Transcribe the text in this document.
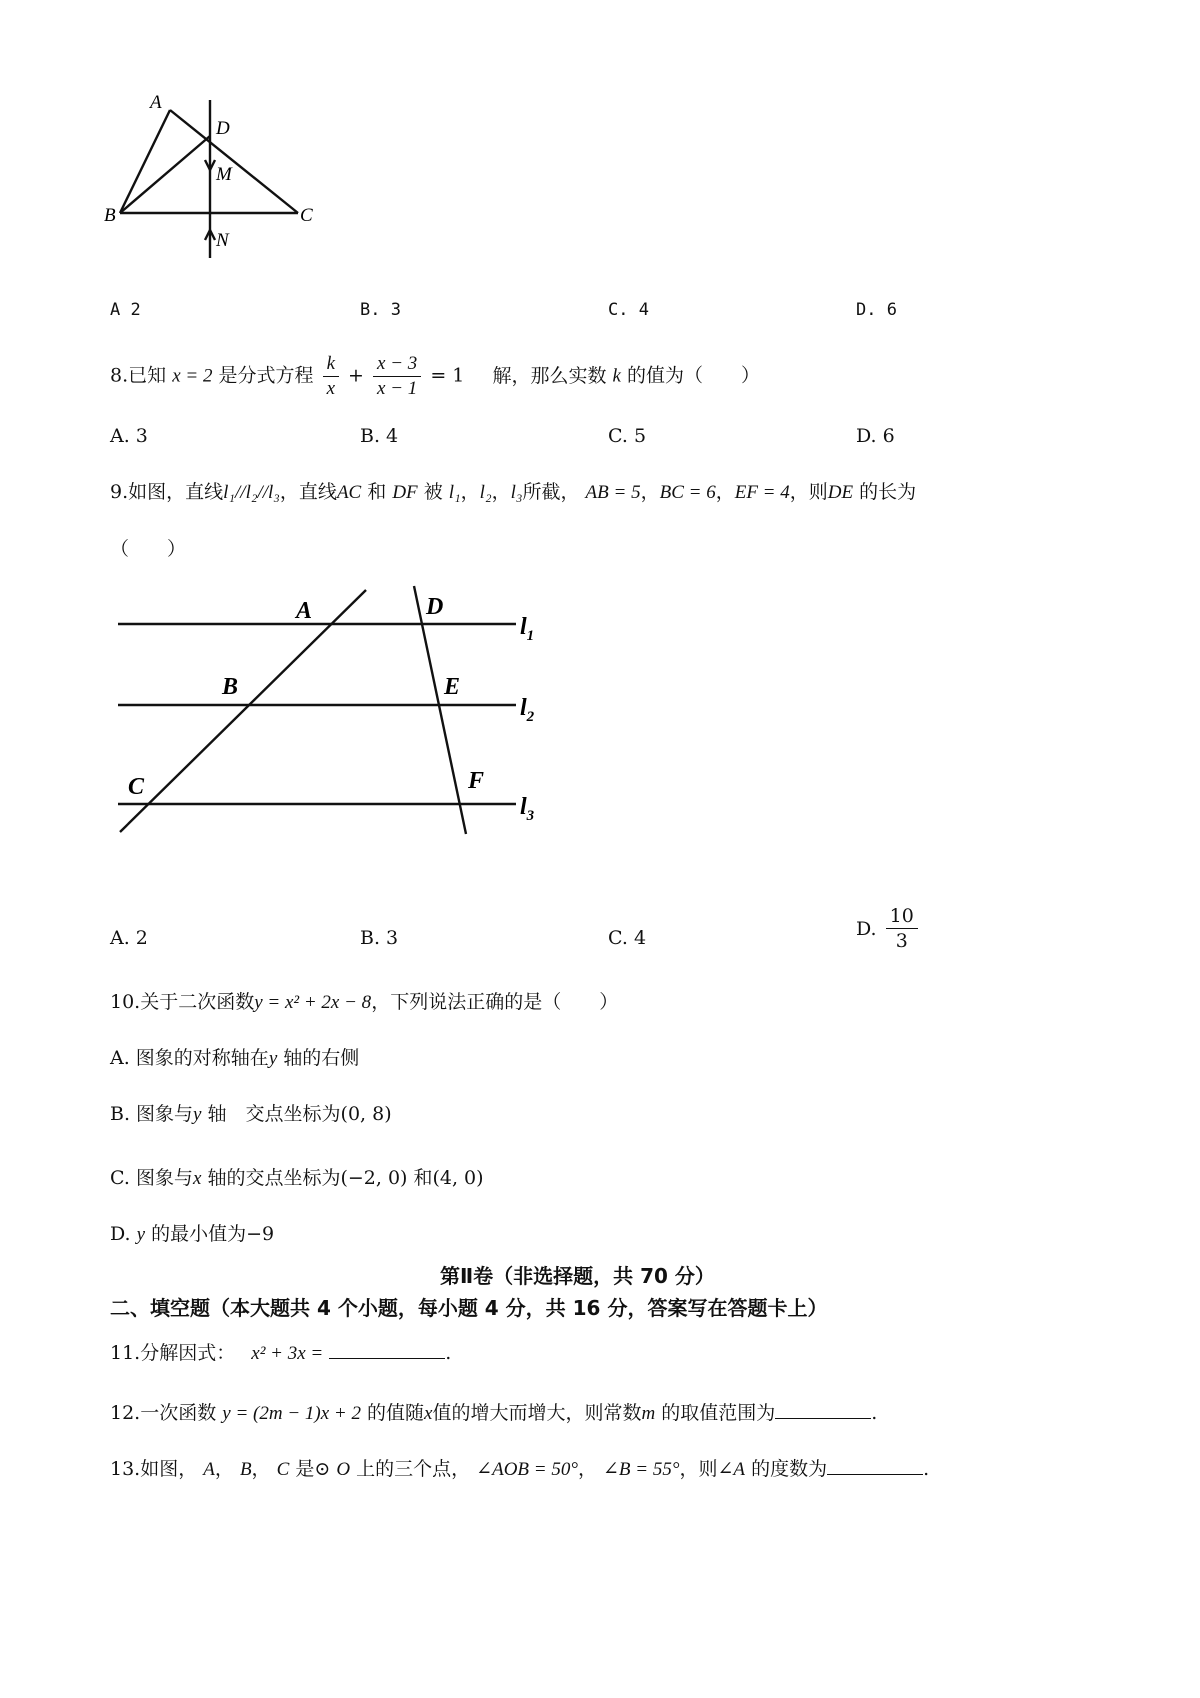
A
B	C
D
M
N
A 2	B. 3	C. 4	D. 6
8.已知 x = 2 是分式方程 $\frac{k}{x} + \frac{x - 3}{x - 1} = 1$ 解，那么实数 k 的值为（　　）
A. 3	B. 4	C. 5	D. 6
9.如图，直线l₁//l₂//l₃，直线AC 和 DF 被 l₁，l₂，l₃所截， AB = 5，BC = 6，EF = 4，则DE 的长为
（　　）
A	D
B	E
C	F
$l_1$
$l_2$
$l_3$
A. 2	B. 3	C. 4	D. $\frac{10}{3}$
10.关于二次函数y = x² + 2x − 8，下列说法正确的是（　　）
A. 图象的对称轴在y 轴的右侧
B. 图象与y 轴　交点坐标为(0, 8)
C. 图象与x 轴的交点坐标为(−2, 0) 和(4, 0)
D. y 的最小值为−9
第Ⅱ卷（非选择题，共 70 分）
二、填空题（本大题共 4 个小题，每小题 4 分，共 16 分，答案写在答题卡上）
11.分解因式： x² + 3x =	.
12.一次函数 y = (2m − 1)x + 2 的值随x值的增大而增大，则常数m 的取值范围为	.
13.如图， A， B， C 是⊙ O 上的三个点， ∠AOB = 50°， ∠B = 55°，则∠A 的度数为	.
